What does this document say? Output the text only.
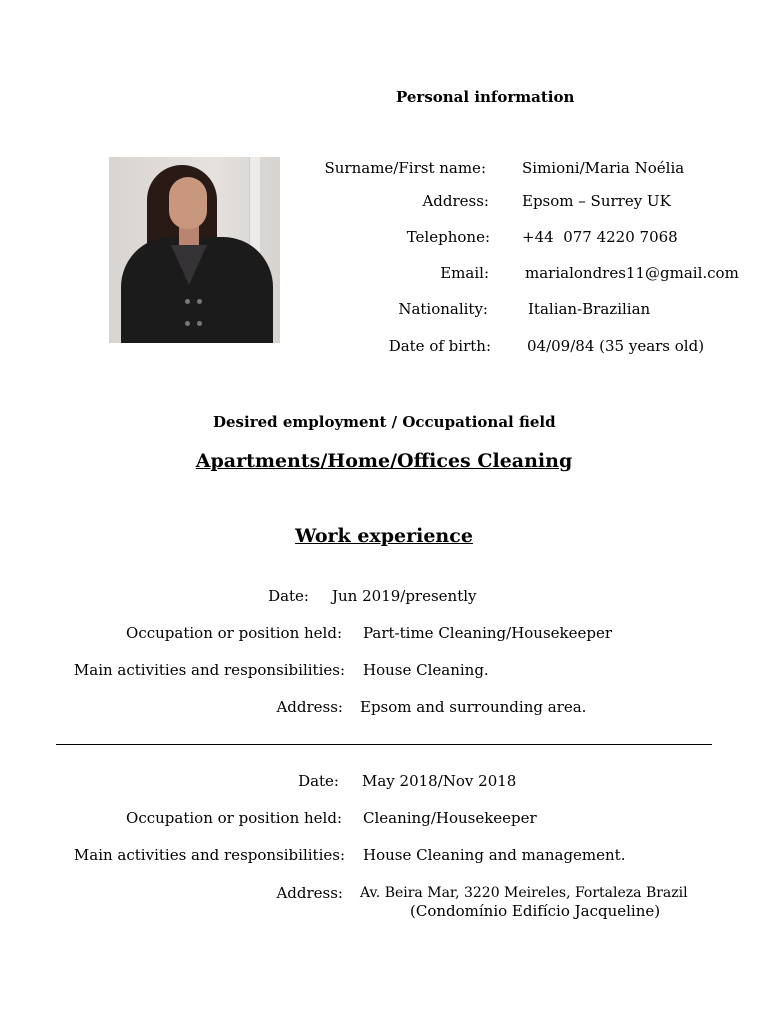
Personal information
Surname/First name: Simioni/Maria Noélia
Address: Epsom – Surrey UK
Telephone: +44  077 4220 7068
Email: marialondres11@gmail.com
Nationality:	Italian-Brazilian
Date of birth: 04/09/84 (35 years old)
Desired employment / Occupational field
Apartments/Home/Offices Cleaning
Work experience
Date: Jun 2019/presently
Occupation or position held: Part-time Cleaning/Housekeeper
Main activities and responsibilities: House Cleaning.
Address: Epsom and surrounding area.
Date: May 2018/Nov 2018
Occupation or position held: Cleaning/Housekeeper
Main activities and responsibilities: House Cleaning and management.
Address: Av. Beira Mar, 3220 Meireles, Fortaleza Brazil
(Condomínio Edifício Jacqueline)
